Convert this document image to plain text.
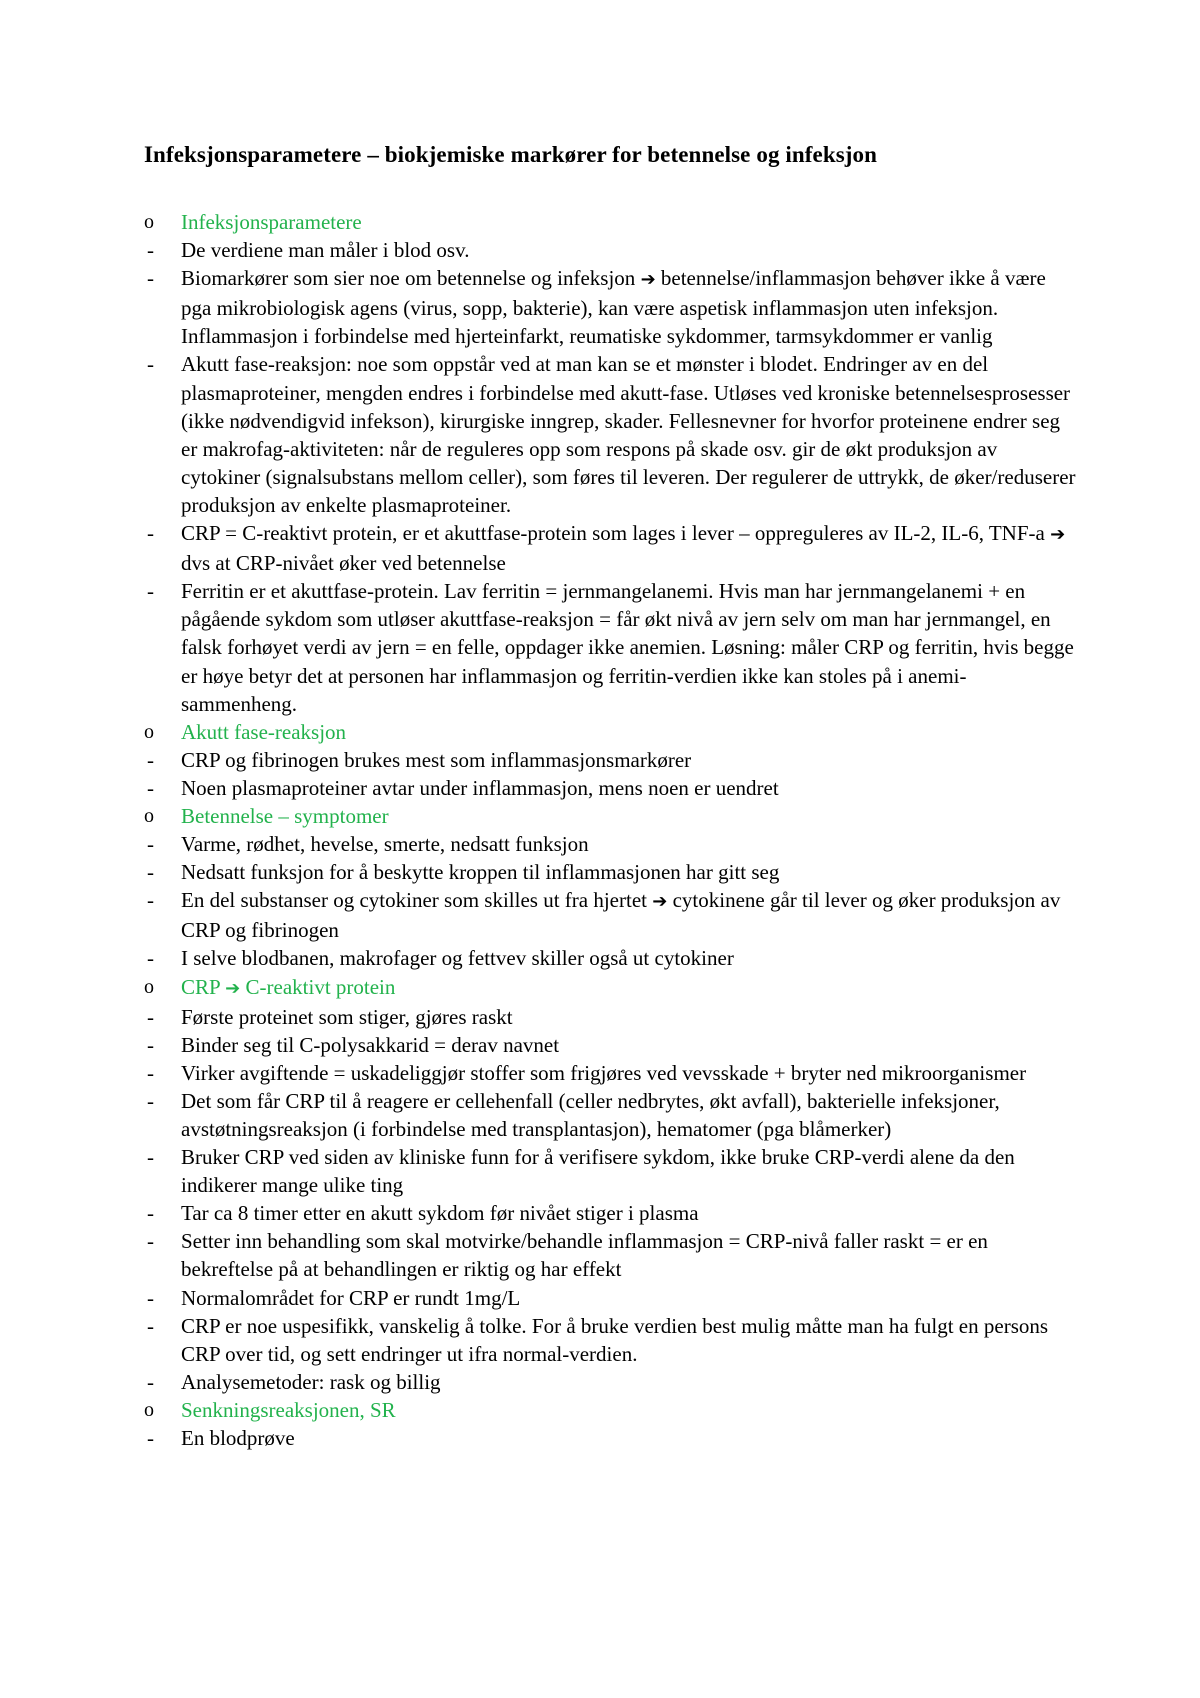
Infeksjonsparametere – biokjemiske markører for betennelse og infeksjon
o	Infeksjonsparametere
-	De verdiene man måler i blod osv.
-	Biomarkører som sier noe om betennelse og infeksjon ➔ betennelse/inflammasjon behøver ikke å være pga mikrobiologisk agens (virus, sopp, bakterie), kan være aspetisk inflammasjon uten infeksjon. Inflammasjon i forbindelse med hjerteinfarkt, reumatiske sykdommer, tarmsykdommer er vanlig
-	Akutt fase-reaksjon: noe som oppstår ved at man kan se et mønster i blodet. Endringer av en del plasmaproteiner, mengden endres i forbindelse med akutt-fase. Utløses ved kroniske betennelsesprosesser (ikke nødvendigvid infekson), kirurgiske inngrep, skader. Fellesnevner for hvorfor proteinene endrer seg er makrofag-aktiviteten: når de reguleres opp som respons på skade osv. gir de økt produksjon av cytokiner (signalsubstans mellom celler), som føres til leveren. Der regulerer de uttrykk, de øker/reduserer produksjon av enkelte plasmaproteiner.
-	CRP = C-reaktivt protein, er et akuttfase-protein som lages i lever – oppreguleres av IL-2, IL-6, TNF-a ➔ dvs at CRP-nivået øker ved betennelse
-	Ferritin er et akuttfase-protein. Lav ferritin = jernmangelanemi. Hvis man har jernmangelanemi + en pågående sykdom som utløser akuttfase-reaksjon = får økt nivå av jern selv om man har jernmangel, en falsk forhøyet verdi av jern = en felle, oppdager ikke anemien. Løsning: måler CRP og ferritin, hvis begge er høye betyr det at personen har inflammasjon og ferritin-verdien ikke kan stoles på i anemi-sammenheng.
o	Akutt fase-reaksjon
-	CRP og fibrinogen brukes mest som inflammasjonsmarkører
-	Noen plasmaproteiner avtar under inflammasjon, mens noen er uendret
o	Betennelse – symptomer
-	Varme, rødhet, hevelse, smerte, nedsatt funksjon
-	Nedsatt funksjon for å beskytte kroppen til inflammasjonen har gitt seg
-	En del substanser og cytokiner som skilles ut fra hjertet ➔ cytokinene går til lever og øker produksjon av CRP og fibrinogen
-	I selve blodbanen, makrofager og fettvev skiller også ut cytokiner
o	CRP ➔ C-reaktivt protein
-	Første proteinet som stiger, gjøres raskt
-	Binder seg til C-polysakkarid = derav navnet
-	Virker avgiftende = uskadeliggjør stoffer som frigjøres ved vevsskade + bryter ned mikroorganismer
-	Det som får CRP til å reagere er cellehenfall (celler nedbrytes, økt avfall), bakterielle infeksjoner, avstøtningsreaksjon (i forbindelse med transplantasjon), hematomer (pga blåmerker)
-	Bruker CRP ved siden av kliniske funn for å verifisere sykdom, ikke bruke CRP-verdi alene da den indikerer mange ulike ting
-	Tar ca 8 timer etter en akutt sykdom før nivået stiger i plasma
-	Setter inn behandling som skal motvirke/behandle inflammasjon = CRP-nivå faller raskt = er en bekreftelse på at behandlingen er riktig og har effekt
-	Normalområdet for CRP er rundt 1mg/L
-	CRP er noe uspesifikk, vanskelig å tolke. For å bruke verdien best mulig måtte man ha fulgt en persons CRP over tid, og sett endringer ut ifra normal-verdien.
-	Analysemetoder: rask og billig
o	Senkningsreaksjonen, SR
-	En blodprøve
